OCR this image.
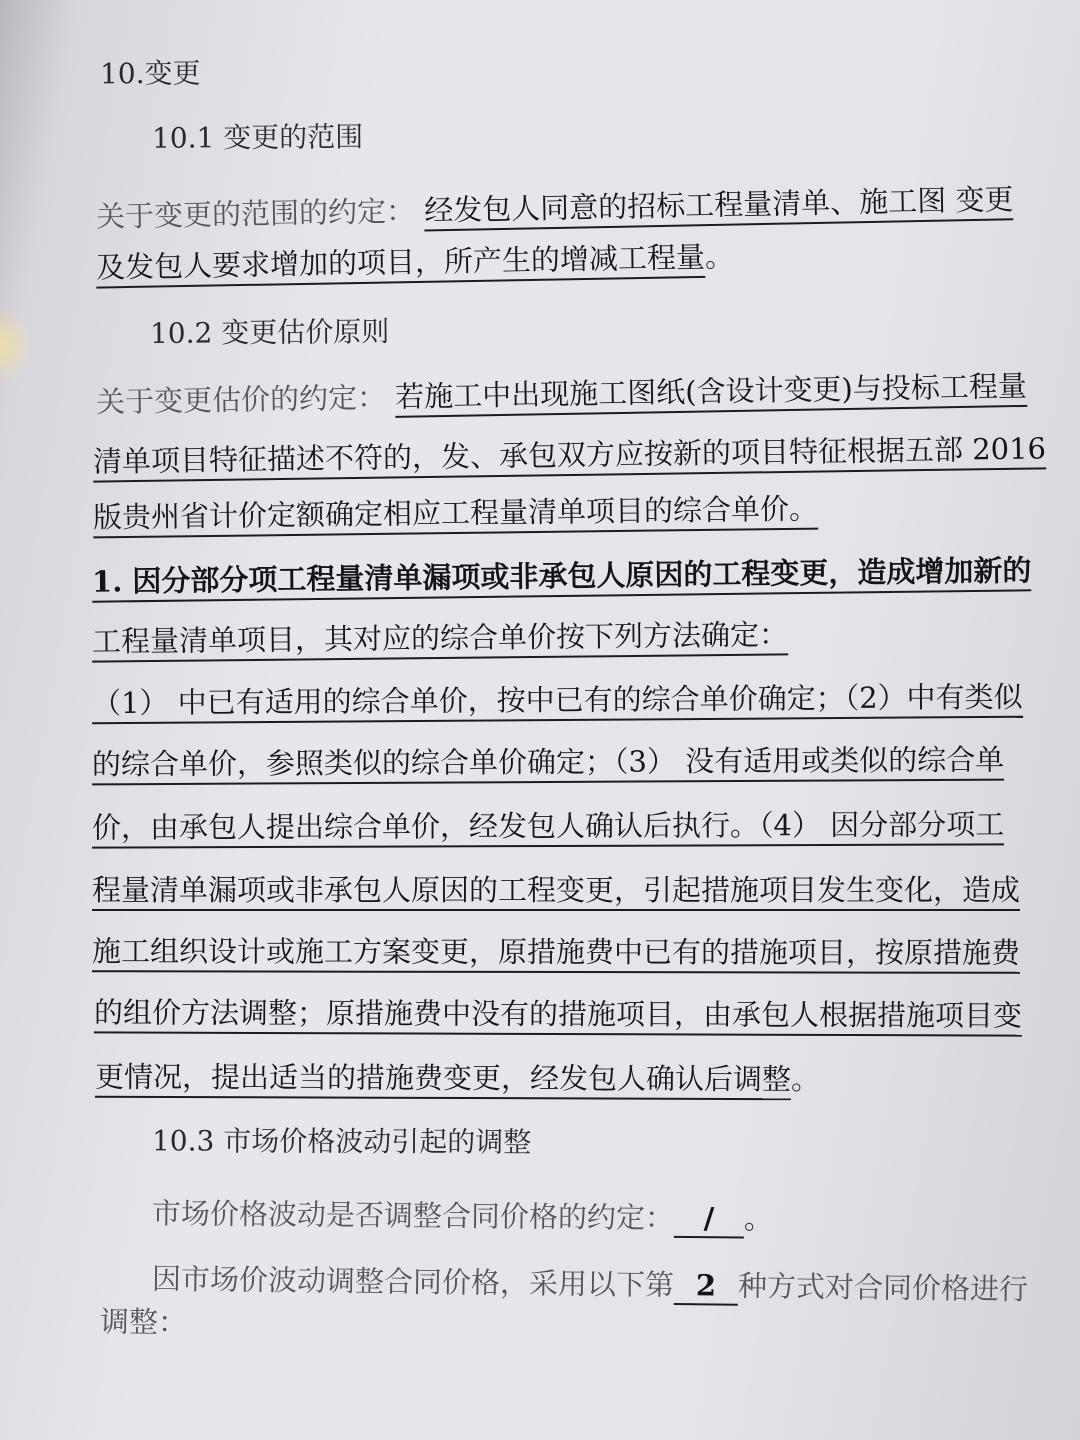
10.变更
10.1 变更的范围
关于变更的范围的约定： 经发包人同意的招标工程量清单、施工图 变更
及发包人要求增加的项目，所产生的增减工程量。
10.2 变更估价原则
关于变更估价的约定： 若施工中出现施工图纸(含设计变更)与投标工程量
清单项目特征描述不符的，发、承包双方应按新的项目特征根据五部 2016
版贵州省计价定额确定相应工程量清单项目的综合单价。
1. 因分部分项工程量清单漏项或非承包人原因的工程变更，造成增加新的
工程量清单项目，其对应的综合单价按下列方法确定：
（1） 中已有适用的综合单价，按中已有的综合单价确定；（2）中有类似
的综合单价，参照类似的综合单价确定；（3） 没有适用或类似的综合单
价，由承包人提出综合单价，经发包人确认后执行。（4） 因分部分项工
程量清单漏项或非承包人原因的工程变更，引起措施项目发生变化，造成
施工组织设计或施工方案变更，原措施费中已有的措施项目，按原措施费
的组价方法调整；原措施费中没有的措施项目，由承包人根据措施项目变
更情况，提出适当的措施费变更，经发包人确认后调整。
10.3 市场价格波动引起的调整
市场价格波动是否调整合同价格的约定： / 。
因市场价波动调整合同价格，采用以下第 2 种方式对合同价格进行
调整：
